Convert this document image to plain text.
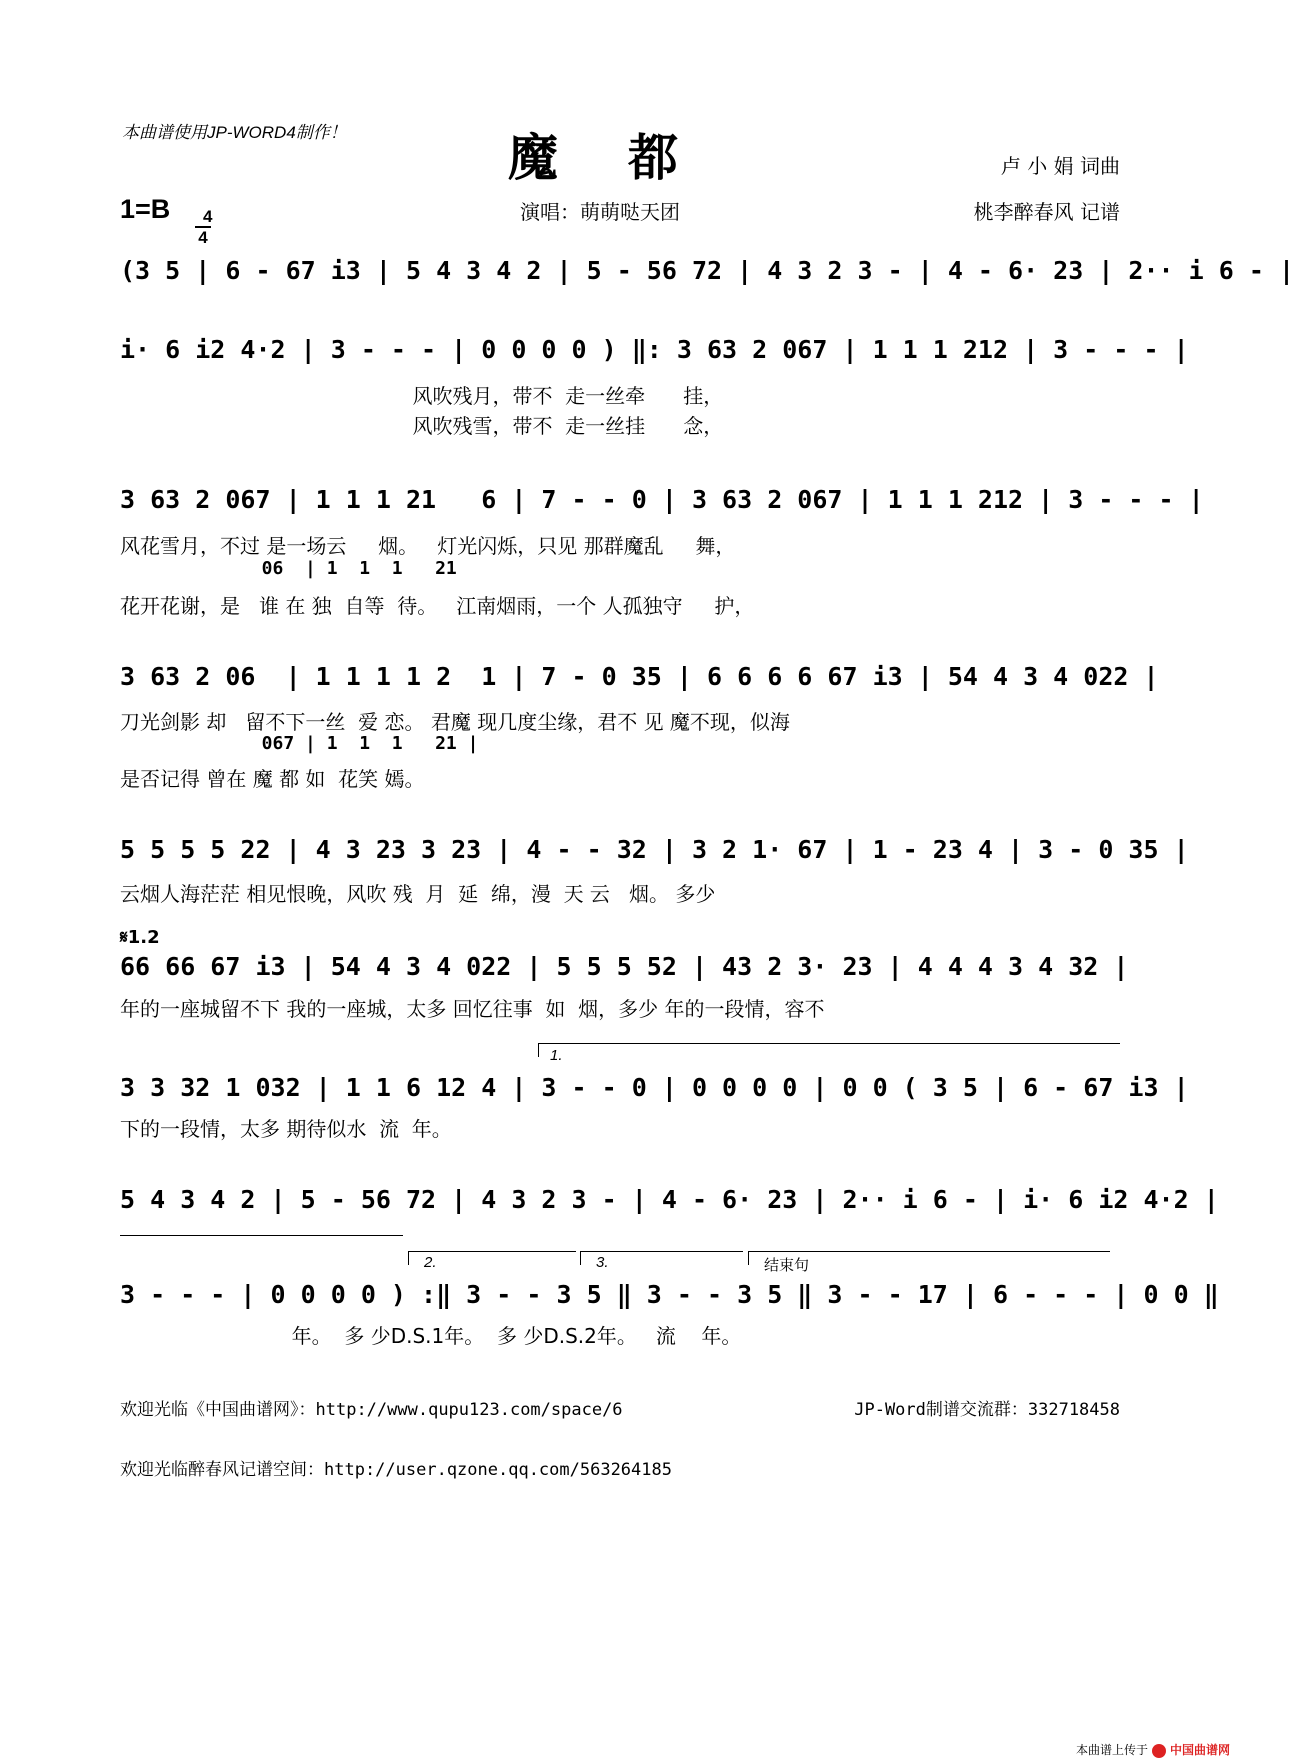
本曲谱使用JP-WORD4制作！	魔都	卢 小 娟 词曲
1=B	4
4

演唱：萌萌哒天团	桃李醉春风 记谱
(3 5 | 6 - 67 i3 | 5 4 3 4 2 | 5 - 56 72 | 4 3 2 3 - | 4 - 6· 23 | 2·· i 6 - |
i· 6 i2 4·2 | 3 - - - | 0 0 0 0 ) ‖: 3 63 2 067 | 1 1 1 212 | 3 - - - |
风吹残月，带不  走一丝牵      挂，
风吹残雪，带不  走一丝挂      念，
3 63 2 067 | 1 1 1 21   6 | 7 - - 0 | 3 63 2 067 | 1 1 1 212 | 3 - - - |
风花雪月，不过 是一场云     烟。   灯光闪烁，只见 那群魔乱     舞，
06  | 1  1  1   21
花开花谢，是   谁 在 独  自等  待。   江南烟雨，一个 人孤独守     护，
3 63 2 06  | 1 1 1 1 2  1 | 7 - 0 35 | 6 6 6 6 67 i3 | 54 4 3 4 022 |
刀光剑影 却   留不下一丝  爱 恋。 君魔 现几度尘缘，君不 见 魔不现，似海
067 | 1  1  1   21 |
是否记得 曾在 魔 都 如  花笑 嫣。
5 5 5 5 22 | 4 3 23 3 23 | 4 - - 32 | 3 2 1· 67 | 1 - 23 4 | 3 - 0 35 |
云烟人海茫茫 相见恨晚，风吹 残  月  延  绵，漫  天 云   烟。 多少
𝄋1.2
66 66 67 i3 | 54 4 3 4 022 | 5 5 5 52 | 43 2 3· 23 | 4 4 4 3 4 32 |
年的一座城留不下 我的一座城，太多 回忆往事  如  烟，多少 年的一段情，容不
1.
3 3 32 1 032 | 1 1 6 12 4 | 3 - - 0 | 0 0 0 0 | 0 0 ( 3 5 | 6 - 67 i3 |
下的一段情，太多 期待似水  流  年。
5 4 3 4 2 | 5 - 56 72 | 4 3 2 3 - | 4 - 6· 23 | 2·· i 6 - | i· 6 i2 4·2 |
2.	3.	结束句
3 - - - | 0 0 0 0 ) :‖ 3 - - 3 5 ‖ 3 - - 3 5 ‖ 3 - - 17 | 6 - - - | 0 0 ‖
年。  多 少D.S.1年。  多 少D.S.2年。   流    年。
欢迎光临《中国曲谱网》：http://www.qupu123.com/space/6	JP-Word制谱交流群：332718458
欢迎光临醉春风记谱空间：http://user.qzone.qq.com/563264185

本曲谱上传于 中国曲谱网
